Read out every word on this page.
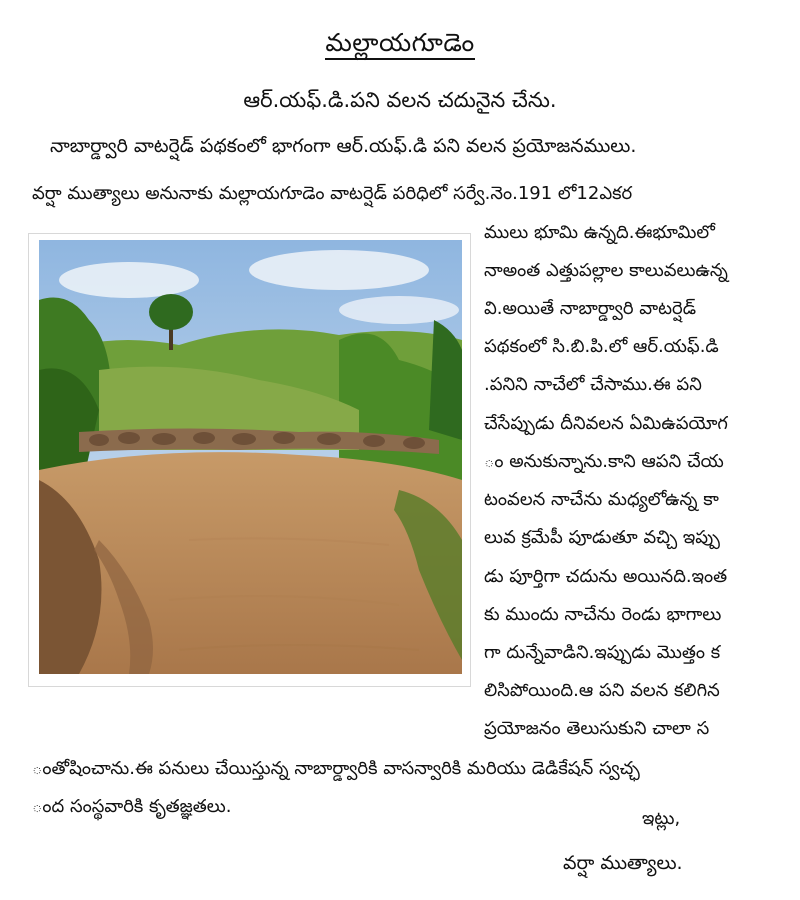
మల్లాయగూడెం
ఆర్.యఫ్.డి.పని వలన చదునైన చేను.
నాబార్డ్వారి వాటర్షెడ్ పథకంలో భాగంగా ఆర్.యఫ్.డి పని వలన ప్రయోజనములు.
వర్షా ముత్యాలు అనునాకు మల్లాయగూడెం వాటర్షెడ్ పరిధిలో సర్వే.నెం.191 లో12ఎకర
ములు భూమి ఉన్నది.ఈభూమిలో
నాఅంత ఎత్తుపల్లాల కాలువలుఉన్న
వి.అయితే నాబార్డ్వారి వాటర్షెడ్
పథకంలో సి.బి.పి.లో ఆర్.యఫ్.డి
.పనిని నాచేలో చేసాము.ఈ పని
చేసేప్పుడు దీనివలన ఏమిఉపయోగ
ం అనుకున్నాను.కాని ఆపని చేయ
టంవలన నాచేను మధ్యలోఉన్న కా
లువ క్రమేపీ పూడుతూ వచ్చి ఇప్పు
డు పూర్తిగా చదును అయినది.ఇంత
కు ముందు నాచేను రెండు భాగాలు
గా దున్నేవాడిని.ఇప్పుడు మొత్తం క
లిసిపోయింది.ఆ పని వలన కలిగిన
ప్రయోజనం తెలుసుకుని చాలా స
ంతోషించాను.ఈ పనులు చేయిస్తున్న నాబార్డ్వారికి వాసన్వారికి మరియు డెడికేషన్ స్వచ్ఛ
ంద సంస్థవారికి కృతజ్ఞతలు.
ఇట్లు,
వర్షా ముత్యాలు.
